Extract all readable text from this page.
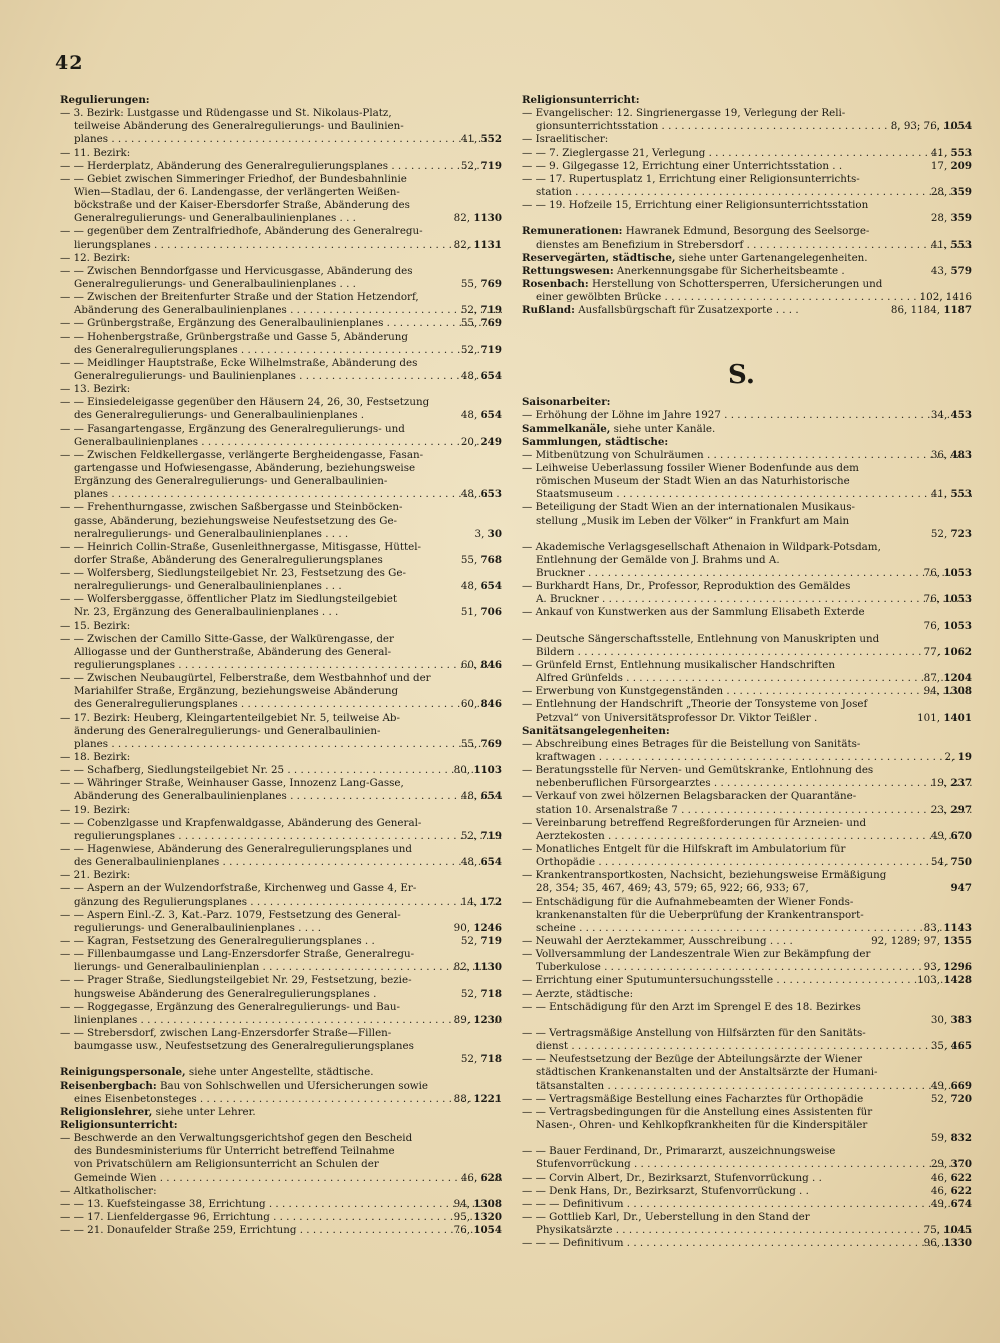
42
S.
Regulierungen:
— 3. Bezirk: Lustgasse und Rüdengasse und St. Nikolaus-Platz,
teilweise Abänderung des Generalregulierungs- und Baulinien-
planes . . .	41, 552
— 11. Bezirk:
— — Herderplatz, Abänderung des Generalregulierungsplanes . . . .	52, 719
— — Gebiet zwischen Simmeringer Friedhof, der Bundesbahnlinie
Wien—Stadlau, der 6. Landengasse, der verlängerten Weißen-
böckstraße und der Kaiser-Ebersdorfer Straße, Abänderung des
Generalregulierungs- und Generalbaulinienplanes . . .	82, 1130
— — gegenüber dem Zentralfriedhofe, Abänderung des Generalregu-
lierungsplanes . . .	82, 1131
— 12. Bezirk:
— — Zwischen Benndorfgasse und Hervicusgasse, Abänderung des
Generalregulierungs- und Generalbaulinienplanes . . .	55, 769
— — Zwischen der Breitenfurter Straße und der Station Hetzendorf,
Abänderung des Generalbaulinienplanes . . .	52, 719
— — Grünbergstraße, Ergänzung des Generalbaulinienplanes . . . .	55, 769
— — Hohenbergstraße, Grünbergstraße und Gasse 5, Abänderung
des Generalregulierungsplanes . . .	52, 719
— — Meidlinger Hauptstraße, Ecke Wilhelmstraße, Abänderung des
Generalregulierungs- und Baulinienplanes . . .	48, 654
— 13. Bezirk:
— — Einsiedeleigasse gegenüber den Häusern 24, 26, 30, Festsetzung
des Generalregulierungs- und Generalbaulinienplanes .	48, 654
— — Fasangartengasse, Ergänzung des Generalregulierungs- und
Generalbaulinienplanes . . .	20, 249
— — Zwischen Feldkellergasse, verlängerte Bergheidengasse, Fasan-
gartengasse und Hofwiesengasse, Abänderung, beziehungsweise
Ergänzung des Generalregulierungs- und Generalbaulinien-
planes . . .	48, 653
— — Frehenthurngasse, zwischen Saßbergasse und Steinböcken-
gasse, Abänderung, beziehungsweise Neufestsetzung des Ge-
neralregulierungs- und Generalbaulinienplanes . . . .	3, 30
— — Heinrich Collin-Straße, Gusenleithnergasse, Mitisgasse, Hüttel-
dorfer Straße, Abänderung des Generalregulierungsplanes	55, 768
— — Wolfersberg, Siedlungsteilgebiet Nr. 23, Festsetzung des Ge-
neralregulierungs- und Generalbaulinienplanes . . .	48, 654
— — Wolfersberggasse, öffentlicher Platz im Siedlungsteilgebiet
Nr. 23, Ergänzung des Generalbaulinienplanes . . .	51, 706
— 15. Bezirk:
— — Zwischen der Camillo Sitte-Gasse, der Walkürengasse, der
Alliogasse und der Guntherstraße, Abänderung des General-
regulierungsplanes . . .	60, 846
— — Zwischen Neubaugürtel, Felberstraße, dem Westbahnhof und der
Mariahilfer Straße, Ergänzung, beziehungsweise Abänderung
des Generalregulierungsplanes . . .	60, 846
— 17. Bezirk: Heuberg, Kleingartenteilgebiet Nr. 5, teilweise Ab-
änderung des Generalregulierungs- und Generalbaulinien-
planes . . .	55, 769
— 18. Bezirk:
— — Schafberg, Siedlungsteilgebiet Nr. 25 . . .	80, 1103
— — Währinger Straße, Weinhauser Gasse, Innozenz Lang-Gasse,
Abänderung des Generalbaulinienplanes . . .	48, 654
— 19. Bezirk:
— — Cobenzlgasse und Krapfenwaldgasse, Abänderung des General-
regulierungsplanes . . .	52, 719
— — Hagenwiese, Abänderung des Generalregulierungsplanes und
des Generalbaulinienplanes . . .	48, 654
— 21. Bezirk:
— — Aspern an der Wulzendorfstraße, Kirchenweg und Gasse 4, Er-
gänzung des Regulierungsplanes . . .	14, 172
— — Aspern Einl.-Z. 3, Kat.-Parz. 1079, Festsetzung des General-
regulierungs- und Generalbaulinienplanes . . . .	90, 1246
— — Kagran, Festsetzung des Generalregulierungsplanes . .	52, 719
— — Fillenbaumgasse und Lang-Enzersdorfer Straße, Generalregu-
lierungs- und Generalbaulinienplan . . .	82, 1130
— — Prager Straße, Siedlungsteilgebiet Nr. 29, Festsetzung, bezie-
hungsweise Abänderung des Generalregulierungsplanes .	52, 718
— — Roggegasse, Ergänzung des Generalregulierungs- und Bau-
linienplanes . . .	89, 1230
— — Strebersdorf, zwischen Lang-Enzersdorfer Straße—Fillen-
baumgasse usw., Neufestsetzung des Generalregulierungsplanes
52, 718
Reinigungspersonale, siehe unter Angestellte, städtische.
Reisenbergbach: Bau von Sohlschwellen und Ufersicherungen sowie
eines Eisenbetonsteges . . .	88, 1221
Religionslehrer, siehe unter Lehrer.
Religionsunterricht:
— Beschwerde an den Verwaltungsgerichtshof gegen den Bescheid
des Bundesministeriums für Unterricht betreffend Teilnahme
von Privatschülern am Religionsunterricht an Schulen der
Gemeinde Wien . . .	46, 628
— Altkatholischer:
— — 13. Kuefsteingasse 38, Errichtung . . .	94, 1308
— — 17. Lienfeldergasse 96, Errichtung . . .	95, 1320
— — 21. Donaufelder Straße 259, Errichtung . . .	76, 1054
Religionsunterricht:
— Evangelischer: 12. Singrienergasse 19, Verlegung der Reli-
gionsunterrichtsstation . . .	8, 93; 76, 1054
— Israelitischer:
— — 7. Zieglergasse 21, Verlegung . . .	41, 553
— — 9. Gilgegasse 12, Errichtung einer Unterrichtsstation . .	17, 209
— — 17. Rupertusplatz 1, Errichtung einer Religionsunterrichts-
station . . .	28, 359
— — 19. Hofzeile 15, Errichtung einer Religionsunterrichtsstation
28, 359
Remunerationen: Hawranek Edmund, Besorgung des Seelsorge-
dienstes am Benefizium in Strebersdorf . . .	41, 553
Reservegärten, städtische, siehe unter Gartenangelegenheiten.
Rettungswesen: Anerkennungsgabe für Sicherheitsbeamte .	43, 579
Rosenbach: Herstellung von Schottersperren, Ufersicherungen und
einer gewölbten Brücke . . .	102, 1416
Rußland: Ausfallsbürgschaft für Zusatzexporte . . . .	86, 1184, 1187
Saisonarbeiter:
— Erhöhung der Löhne im Jahre 1927 . . .	34, 453
Sammelkanäle, siehe unter Kanäle.
Sammlungen, städtische:
— Mitbenützung von Schulräumen . . .	36, 483
— Leihweise Ueberlassung fossiler Wiener Bodenfunde aus dem
römischen Museum der Stadt Wien an das Naturhistorische
Staatsmuseum . . .	41, 553
— Beteiligung der Stadt Wien an der internationalen Musikaus-
stellung „Musik im Leben der Völker“ in Frankfurt am Main
52, 723
— Akademische Verlagsgesellschaft Athenaion in Wildpark-Potsdam,
Entlehnung der Gemälde von J. Brahms und A.
Bruckner . . .	76, 1053
— Burkhardt Hans, Dr., Professor, Reproduktion des Gemäldes
A. Bruckner . . .	76, 1053
— Ankauf von Kunstwerken aus der Sammlung Elisabeth Exterde
76, 1053
— Deutsche Sängerschaftsstelle, Entlehnung von Manuskripten und
Bildern . . .	77, 1062
— Grünfeld Ernst, Entlehnung musikalischer Handschriften
Alfred Grünfelds . . .	87, 1204
— Erwerbung von Kunstgegenständen . . .	94, 1308
— Entlehnung der Handschrift „Theorie der Tonsysteme von Josef
Petzval“ von Universitätsprofessor Dr. Viktor Teißler .	101, 1401
Sanitätsangelegenheiten:
— Abschreibung eines Betrages für die Beistellung von Sanitäts-
kraftwagen . . .	2, 19
— Beratungsstelle für Nerven- und Gemütskranke, Entlohnung des
nebenberuflichen Fürsorgearztes . . .	19, 237
— Verkauf von zwei hölzernen Belagsbaracken der Quarantäne-
station 10. Arsenalstraße 7 . . .	23, 297
— Vereinbarung betreffend Regreßforderungen für Arzneien- und
Aerztekosten . . .	49, 670
— Monatliches Entgelt für die Hilfskraft im Ambulatorium für
Orthopädie . . .	54, 750
— Krankentransportkosten, Nachsicht, beziehungsweise Ermäßigung
28, 354; 35, 467, 469; 43, 579; 65, 922; 66, 933; 67,	947
— Entschädigung für die Aufnahmebeamten der Wiener Fonds-
krankenanstalten für die Ueberprüfung der Krankentransport-
scheine . . .	83, 1143
— Neuwahl der Aerztekammer, Ausschreibung . . . .	92, 1289; 97, 1355
— Vollversammlung der Landeszentrale Wien zur Bekämpfung der
Tuberkulose . . .	93, 1296
— Errichtung einer Sputumuntersuchungsstelle . . .	103, 1428
— Aerzte, städtische:
— — Entschädigung für den Arzt im Sprengel E des 18. Bezirkes
30, 383
— — Vertragsmäßige Anstellung von Hilfsärzten für den Sanitäts-
dienst . . .	35, 465
— — Neufestsetzung der Bezüge der Abteilungsärzte der Wiener
städtischen Krankenanstalten und der Anstaltsärzte der Humani-
tätsanstalten . . .	49, 669
— — Vertragsmäßige Bestellung eines Facharztes für Orthopädie	52, 720
— — Vertragsbedingungen für die Anstellung eines Assistenten für
Nasen-, Ohren- und Kehlkopfkrankheiten für die Kinderspitäler
59, 832
— — Bauer Ferdinand, Dr., Primararzt, auszeichnungsweise
Stufenvorrückung . . .	29, 370
— — Corvin Albert, Dr., Bezirksarzt, Stufenvorrückung . .	46, 622
— — Denk Hans, Dr., Bezirksarzt, Stufenvorrückung . .	46, 622
— — — Definitivum . . .	49, 674
— — Gottlieb Karl, Dr., Ueberstellung in den Stand der
Physikatsärzte . . .	75, 1045
— — — Definitivum . . .	96, 1330
